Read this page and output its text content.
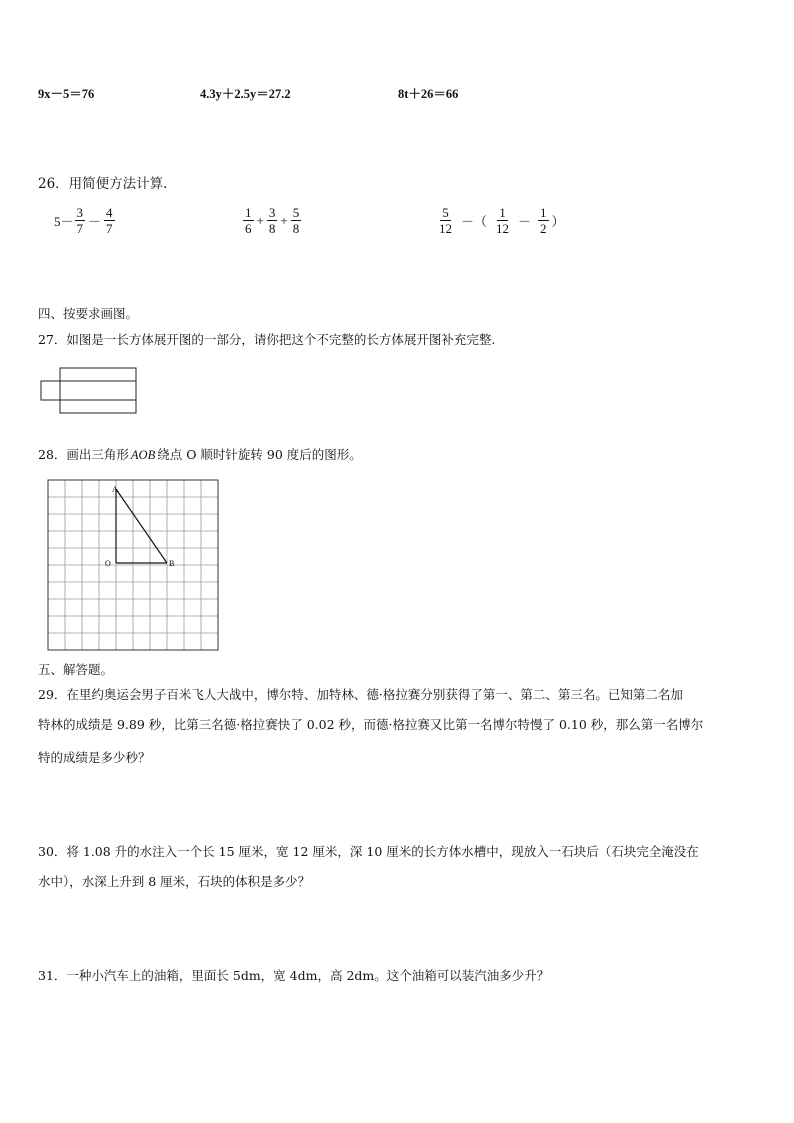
9x－5＝76	4.3y＋2.5y＝27.2	8t＋26＝66
26．用简便方法计算.
$5- \frac{3}{7} - \frac{4}{7}$	$\frac{1}{6} + \frac{3}{8} + \frac{5}{8}$	$\frac{5}{12}$ －（ $\frac{1}{12} - \frac{1}{2}$ ）
四、按要求画图。
27．如图是一长方体展开图的一部分，请你把这个不完整的长方体展开图补充完整.
28．画出三角形 AOB 绕点 O 顺时针旋转 90 度后的图形。
A
O	B
五、解答题。
29．在里约奥运会男子百米飞人大战中，博尔特、加特林、德·格拉赛分别获得了第一、第二、第三名。已知第二名加
特林的成绩是 9.89 秒，比第三名德·格拉赛快了 0.02 秒，而德·格拉赛又比第一名博尔特慢了 0.10 秒，那么第一名博尔
特的成绩是多少秒？
30．将 1.08 升的水注入一个长 15 厘米，宽 12 厘米，深 10 厘米的长方体水槽中，现放入一石块后（石块完全淹没在
水中），水深上升到 8 厘米，石块的体积是多少？
31．一种小汽车上的油箱，里面长 5dm，宽 4dm，高 2dm。这个油箱可以装汽油多少升？
